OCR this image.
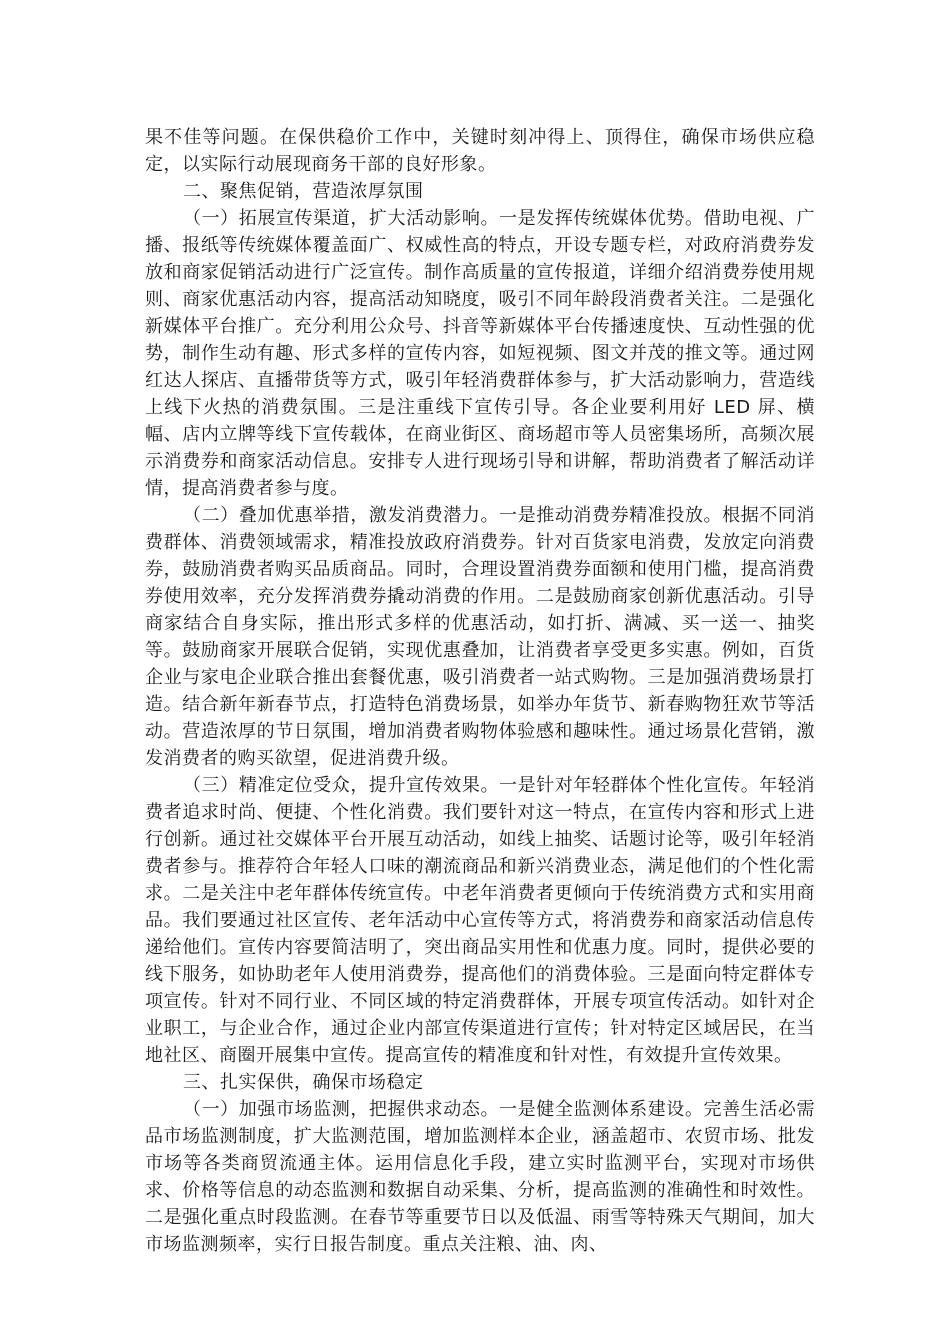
果不佳等问题。在保供稳价工作中，关键时刻冲得上、顶得住，确保市场供应稳定，以实际行动展现商务干部的良好形象。

二、聚焦促销，营造浓厚氛围

（一）拓展宣传渠道，扩大活动影响。一是发挥传统媒体优势。借助电视、广播、报纸等传统媒体覆盖面广、权威性高的特点，开设专题专栏，对政府消费券发放和商家促销活动进行广泛宣传。制作高质量的宣传报道，详细介绍消费券使用规则、商家优惠活动内容，提高活动知晓度，吸引不同年龄段消费者关注。二是强化新媒体平台推广。充分利用公众号、抖音等新媒体平台传播速度快、互动性强的优势，制作生动有趣、形式多样的宣传内容，如短视频、图文并茂的推文等。通过网红达人探店、直播带货等方式，吸引年轻消费群体参与，扩大活动影响力，营造线上线下火热的消费氛围。三是注重线下宣传引导。各企业要利用好 LED 屏、横幅、店内立牌等线下宣传载体，在商业街区、商场超市等人员密集场所，高频次展示消费券和商家活动信息。安排专人进行现场引导和讲解，帮助消费者了解活动详情，提高消费者参与度。

（二）叠加优惠举措，激发消费潜力。一是推动消费券精准投放。根据不同消费群体、消费领域需求，精准投放政府消费券。针对百货家电消费，发放定向消费券，鼓励消费者购买品质商品。同时，合理设置消费券面额和使用门槛，提高消费券使用效率，充分发挥消费券撬动消费的作用。二是鼓励商家创新优惠活动。引导商家结合自身实际，推出形式多样的优惠活动，如打折、满减、买一送一、抽奖等。鼓励商家开展联合促销，实现优惠叠加，让消费者享受更多实惠。例如，百货企业与家电企业联合推出套餐优惠，吸引消费者一站式购物。三是加强消费场景打造。结合新年新春节点，打造特色消费场景，如举办年货节、新春购物狂欢节等活动。营造浓厚的节日氛围，增加消费者购物体验感和趣味性。通过场景化营销，激发消费者的购买欲望，促进消费升级。

（三）精准定位受众，提升宣传效果。一是针对年轻群体个性化宣传。年轻消费者追求时尚、便捷、个性化消费。我们要针对这一特点，在宣传内容和形式上进行创新。通过社交媒体平台开展互动活动，如线上抽奖、话题讨论等，吸引年轻消费者参与。推荐符合年轻人口味的潮流商品和新兴消费业态，满足他们的个性化需求。二是关注中老年群体传统宣传。中老年消费者更倾向于传统消费方式和实用商品。我们要通过社区宣传、老年活动中心宣传等方式，将消费券和商家活动信息传递给他们。宣传内容要简洁明了，突出商品实用性和优惠力度。同时，提供必要的线下服务，如协助老年人使用消费券，提高他们的消费体验。三是面向特定群体专项宣传。针对不同行业、不同区域的特定消费群体，开展专项宣传活动。如针对企业职工，与企业合作，通过企业内部宣传渠道进行宣传；针对特定区域居民，在当地社区、商圈开展集中宣传。提高宣传的精准度和针对性，有效提升宣传效果。

三、扎实保供，确保市场稳定

（一）加强市场监测，把握供求动态。一是健全监测体系建设。完善生活必需品市场监测制度，扩大监测范围，增加监测样本企业，涵盖超市、农贸市场、批发市场等各类商贸流通主体。运用信息化手段，建立实时监测平台，实现对市场供求、价格等信息的动态监测和数据自动采集、分析，提高监测的准确性和时效性。二是强化重点时段监测。在春节等重要节日以及低温、雨雪等特殊天气期间，加大市场监测频率，实行日报告制度。重点关注粮、油、肉、
